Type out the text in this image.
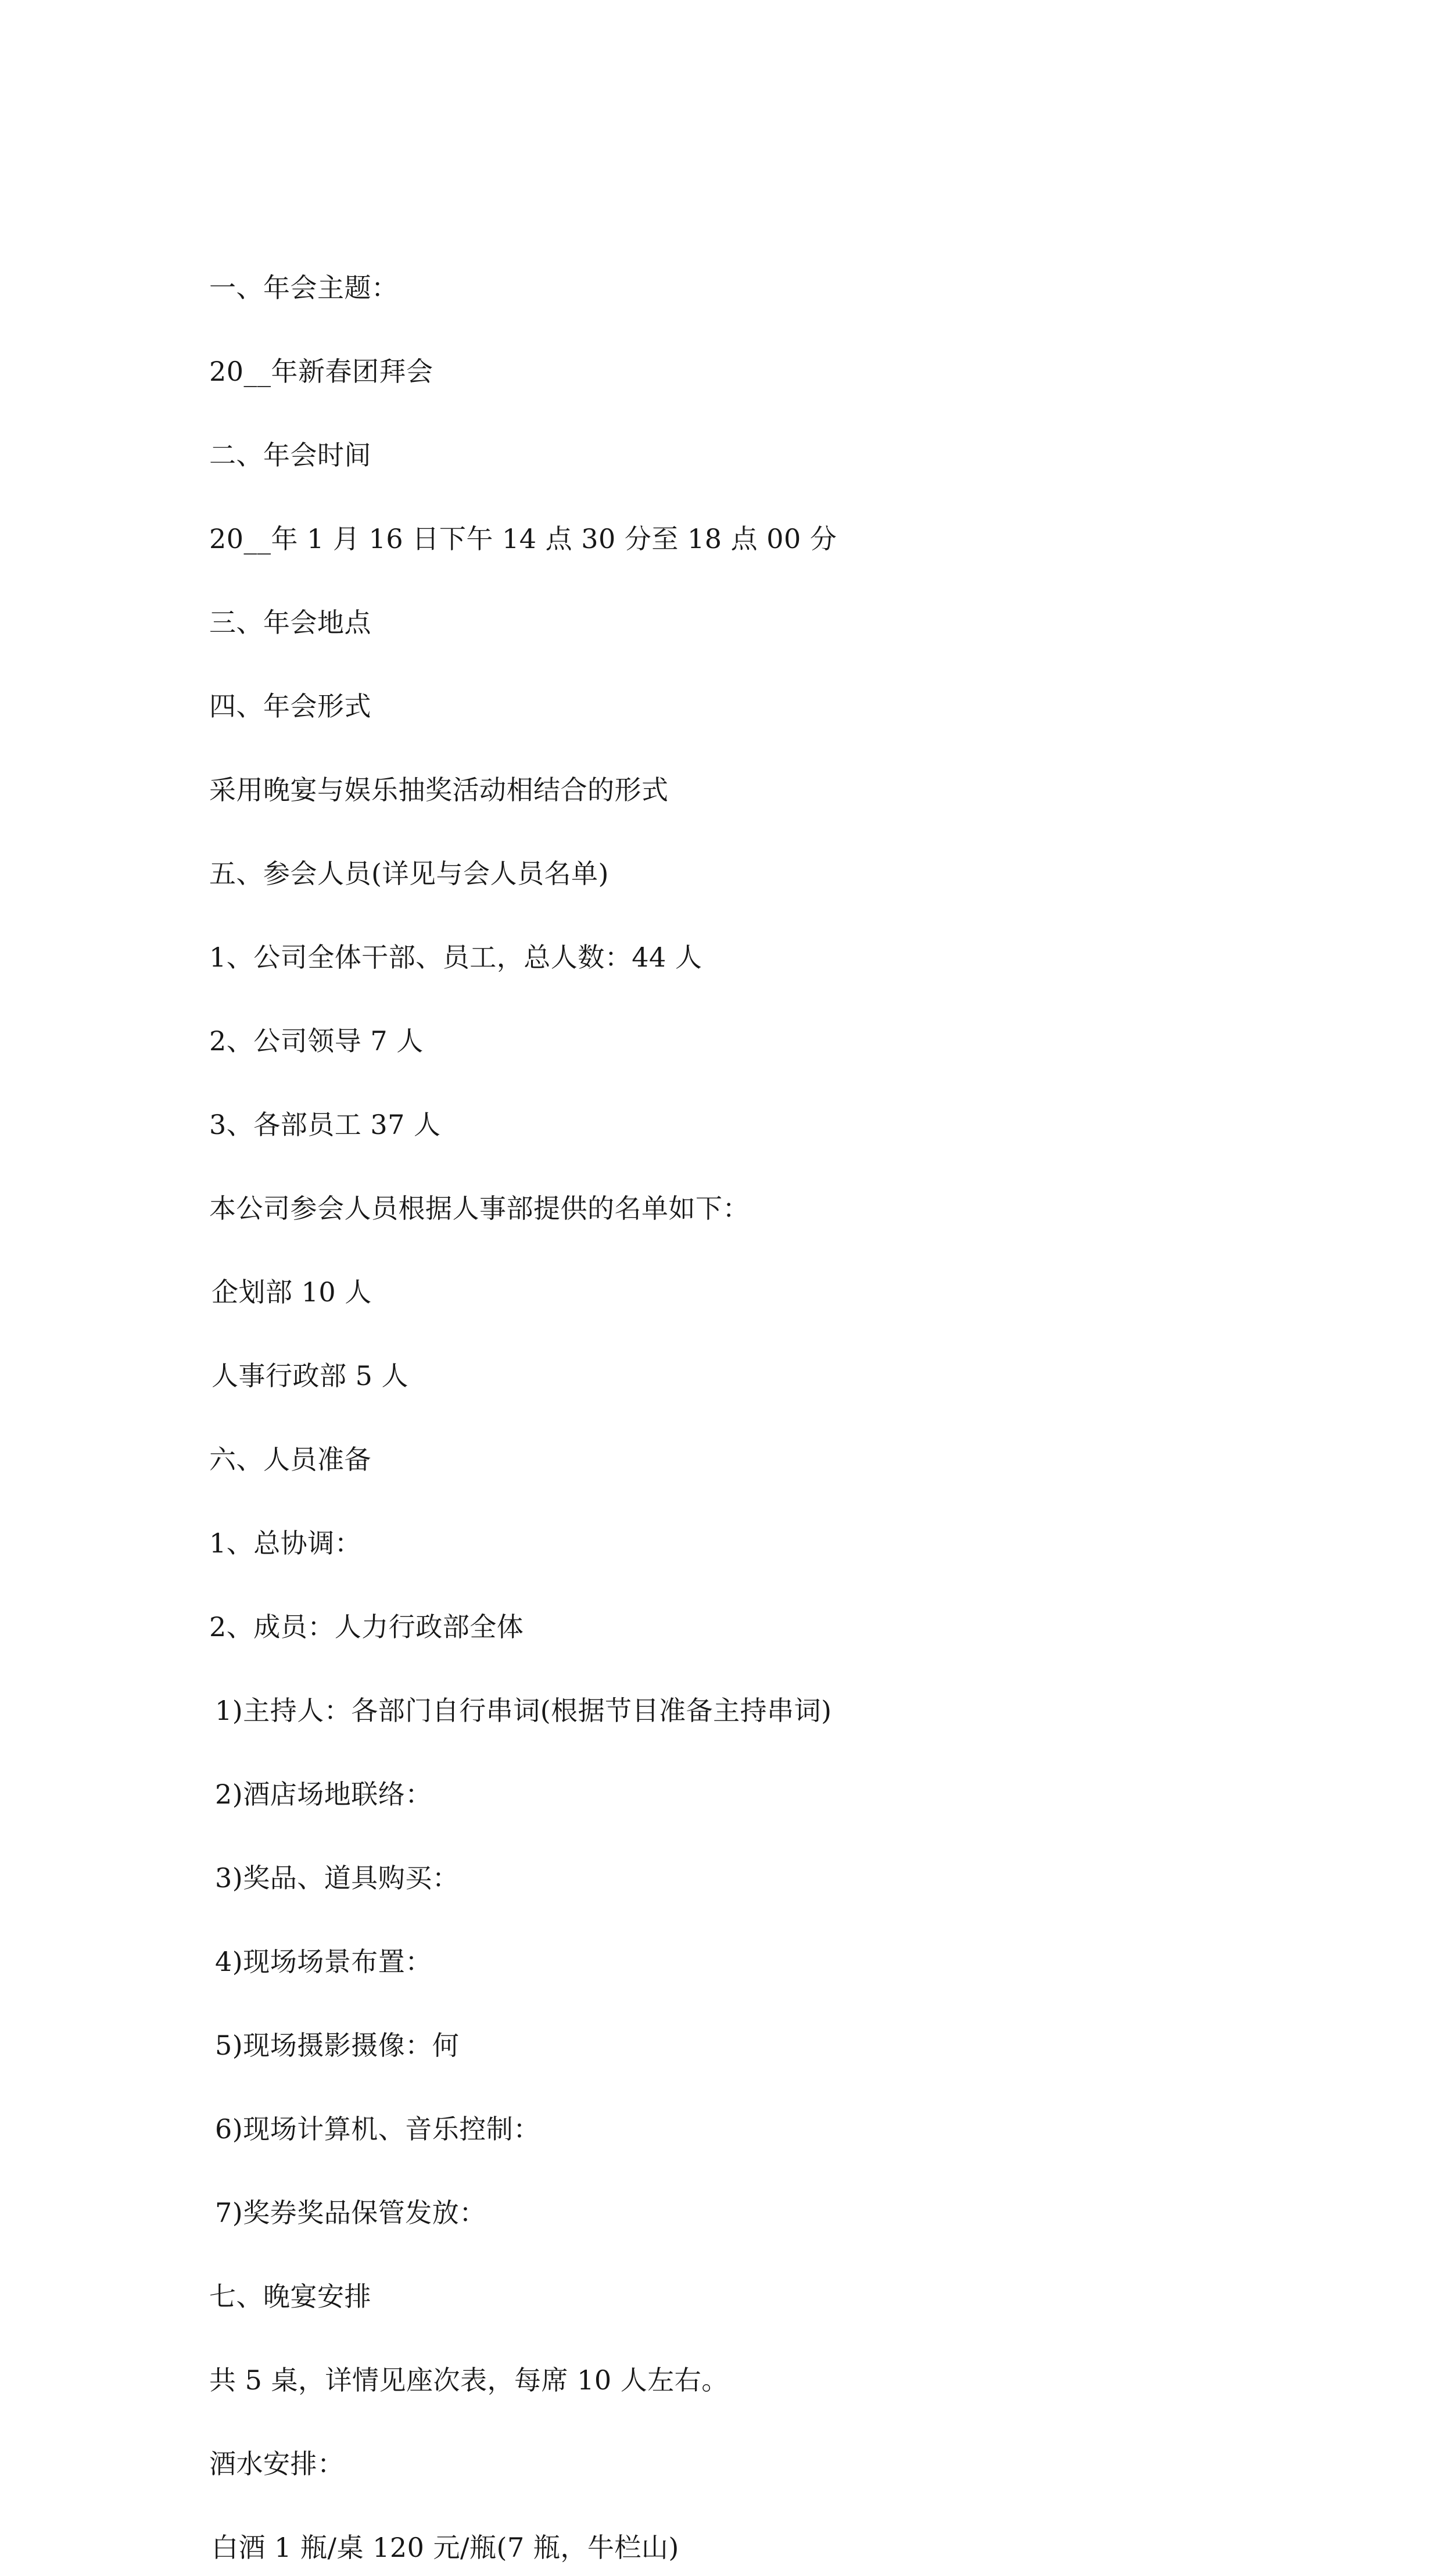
一、年会主题：

20__年新春团拜会

二、年会时间

20__年 1 月 16 日下午 14 点 30 分至 18 点 00 分

三、年会地点

四、年会形式

采用晚宴与娱乐抽奖活动相结合的形式

五、参会人员(详见与会人员名单)

1、公司全体干部、员工，总人数：44 人

2、公司领导 7 人

3、各部员工 37 人

本公司参会人员根据人事部提供的名单如下：

企划部 10 人

人事行政部 5 人

六、人员准备

1、总协调：

2、成员：人力行政部全体

1)主持人：各部门自行串词(根据节目准备主持串词)

2)酒店场地联络：

3)奖品、道具购买：

4)现场场景布置：

5)现场摄影摄像：何

6)现场计算机、音乐控制：

7)奖券奖品保管发放：

七、晚宴安排

共 5 桌，详情见座次表，每席 10 人左右。

酒水安排：

白酒 1 瓶/桌 120 元/瓶(7 瓶，牛栏山)
